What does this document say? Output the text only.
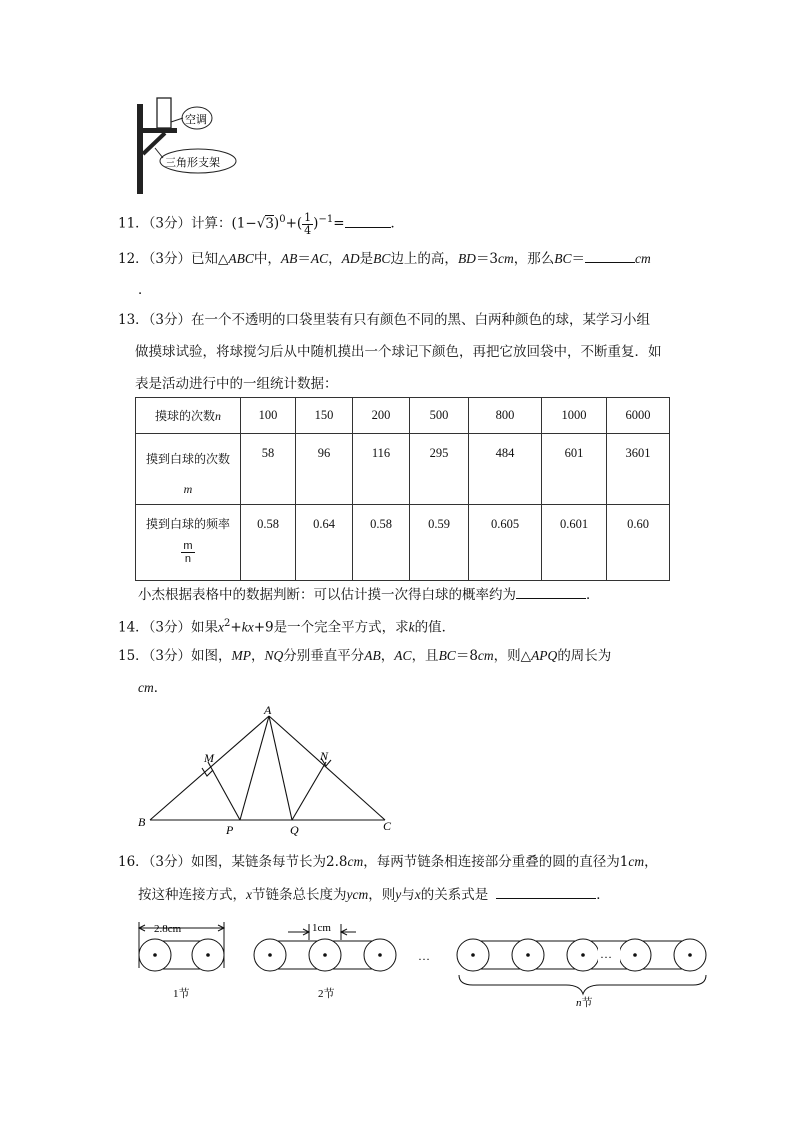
空调
三角形支架
11．（3分）计算：$(1-√3)^0+( \frac{1}{4} )^{-1}=$	．
12．（3分）已知△ABC中，AB＝AC，AD是BC边上的高，BD＝3cm，那么BC＝	cm
．
13．（3分）在一个不透明的口袋里装有只有颜色不同的黑、白两种颜色的球，某学习小组
做摸球试验，将球搅匀后从中随机摸出一个球记下颜色，再把它放回袋中，不断重复．如
表是活动进行中的一组统计数据：
摸球的次数n	100	150	200	500	800	1000	6000
摸到白球的次数
m	58	96	116	295	484	601	3601
摸到白球的频率

$\frac{m}{n}$	0.58	0.64	0.58	0.59	0.605	0.601	0.60
小杰根据表格中的数据判断：可以估计摸一次得白球的概率约为	．
14．（3分）如果$x^2+kx+9$是一个完全平方式，求k的值．
15．（3分）如图，MP，NQ分别垂直平分AB，AC，且BC＝8cm，则△APQ的周长为
cm．
A
B	C
M	N
P	Q
16．（3分）如图，某链条每节长为2.8cm，每两节链条相连接部分重叠的圆的直径为1cm，
按这种连接方式，x节链条总长度为ycm，则y与x的关系式是	．
2.8cm	1cm
…	…
1节	2节
n节
